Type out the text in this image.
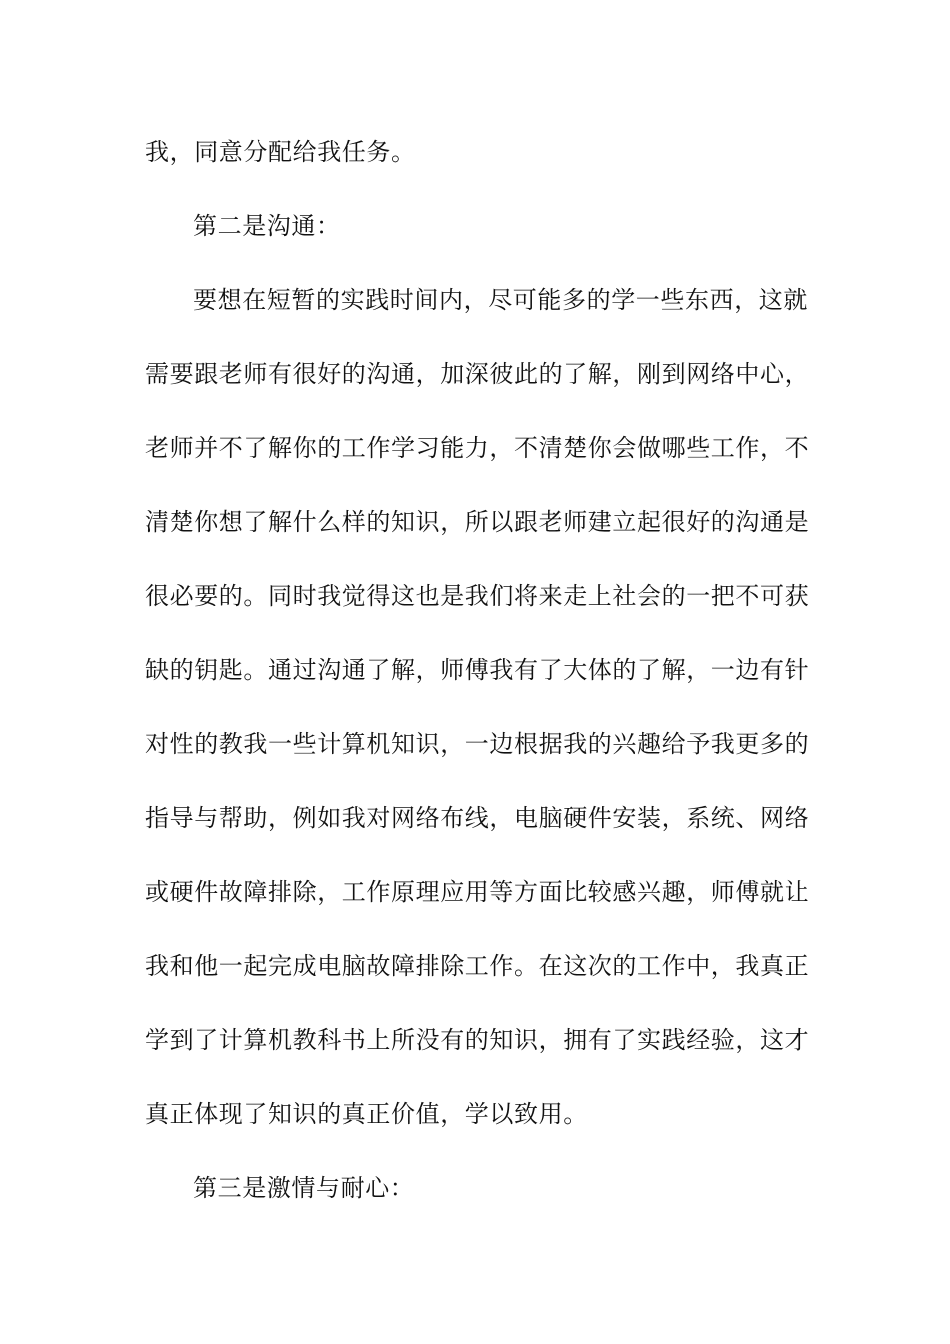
我，同意分配给我任务。
第二是沟通：
要想在短暂的实践时间内，尽可能多的学一些东西，这就
需要跟老师有很好的沟通，加深彼此的了解，刚到网络中心，
老师并不了解你的工作学习能力，不清楚你会做哪些工作，不
清楚你想了解什么样的知识，所以跟老师建立起很好的沟通是
很必要的。同时我觉得这也是我们将来走上社会的一把不可获
缺的钥匙。通过沟通了解，师傅我有了大体的了解，一边有针
对性的教我一些计算机知识，一边根据我的兴趣给予我更多的
指导与帮助，例如我对网络布线，电脑硬件安装，系统、网络
或硬件故障排除，工作原理应用等方面比较感兴趣，师傅就让
我和他一起完成电脑故障排除工作。在这次的工作中，我真正
学到了计算机教科书上所没有的知识，拥有了实践经验，这才
真正体现了知识的真正价值，学以致用。
第三是激情与耐心：
